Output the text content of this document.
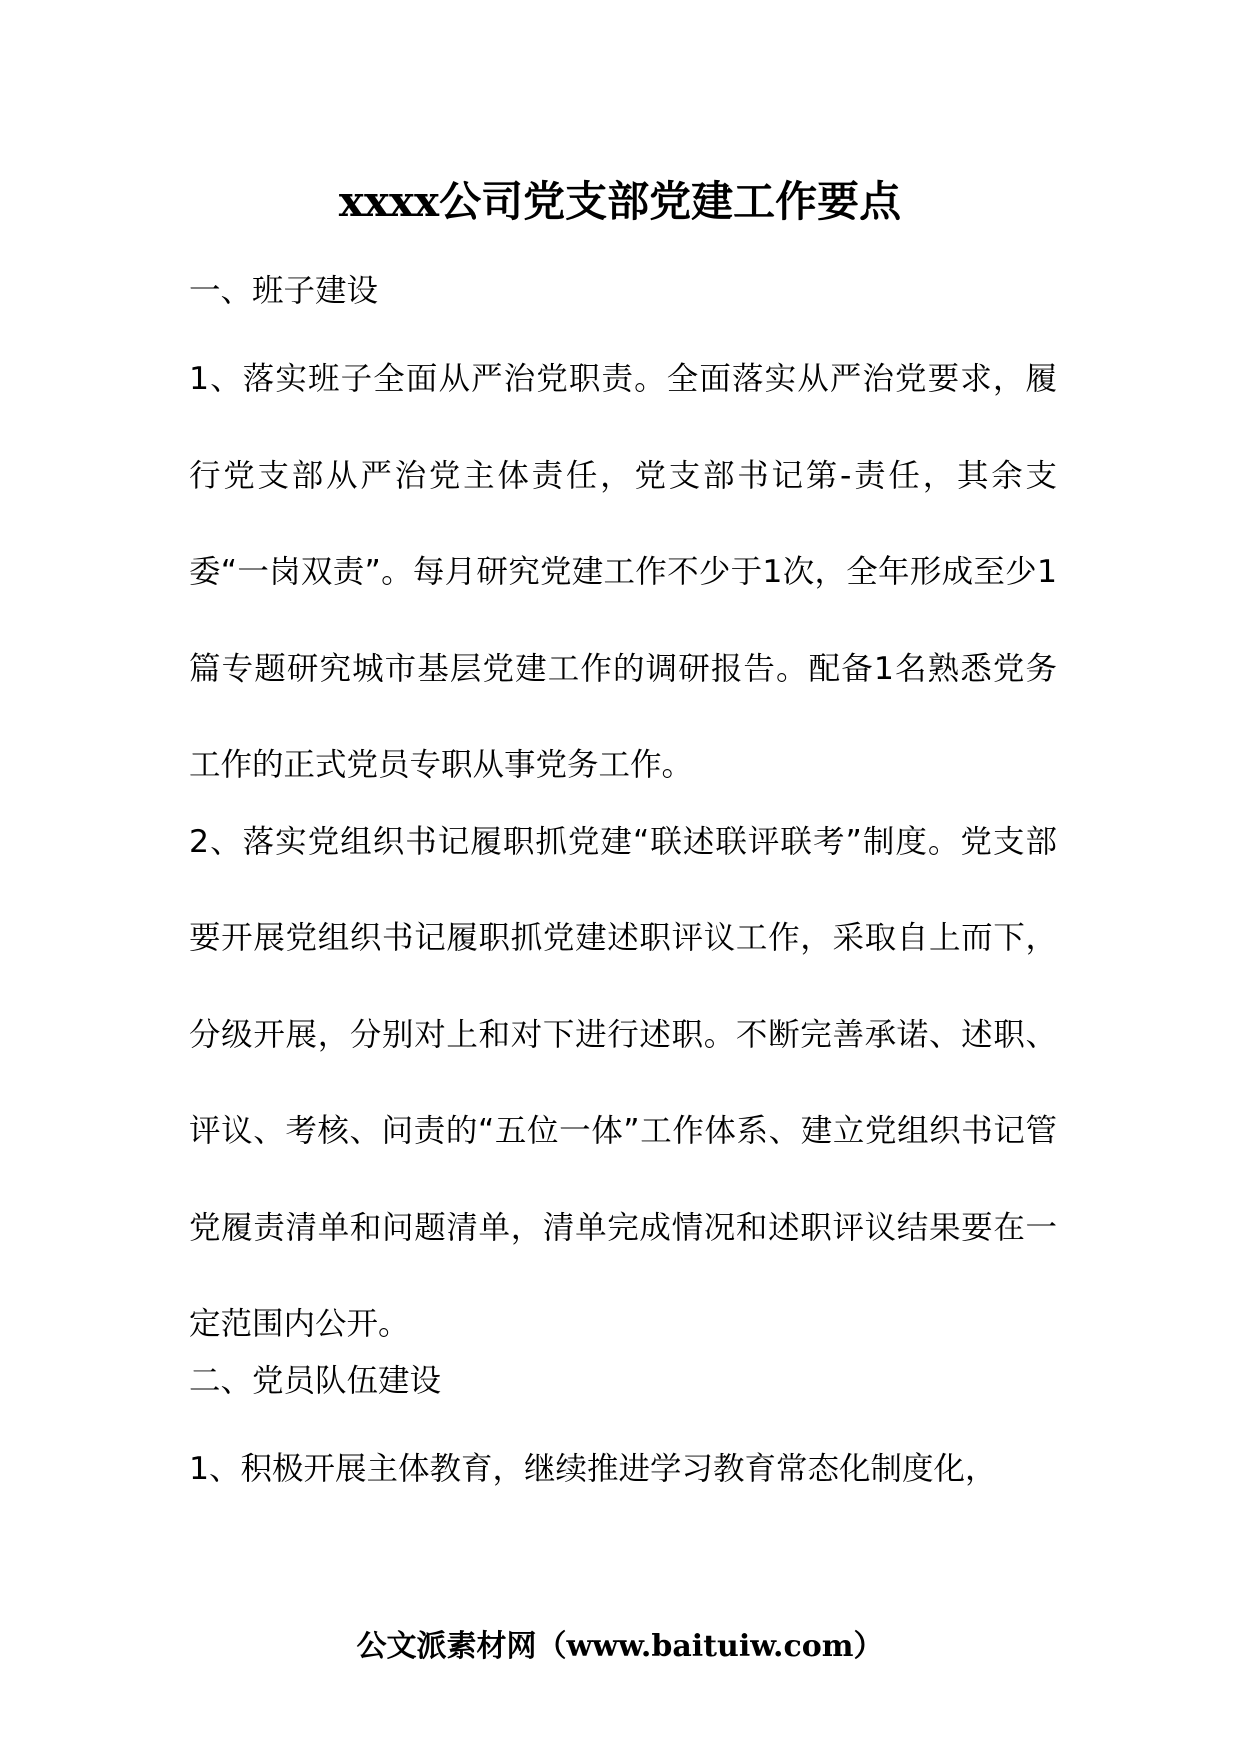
xxxx公司党支部党建工作要点
一、班子建设
1、落实班子全面从严治党职责。全面落实从严治党要求，履行党支部从严治党主体责任，党支部书记第-责任，其余支委“一岗双责”。每月研究党建工作不少于1次，全年形成至少1篇专题研究城市基层党建工作的调研报告。配备1名熟悉党务工作的正式党员专职从事党务工作。
2、落实党组织书记履职抓党建“联述联评联考”制度。党支部要开展党组织书记履职抓党建述职评议工作，采取自上而下，分级开展，分别对上和对下进行述职。不断完善承诺、述职、评议、考核、问责的“五位一体”工作体系、建立党组织书记管党履责清单和问题清单，清单完成情况和述职评议结果要在一定范围内公开。
二、党员队伍建设
1、积极开展主体教育，继续推进学习教育常态化制度化，
公文派素材网（www.baituiw.com）
